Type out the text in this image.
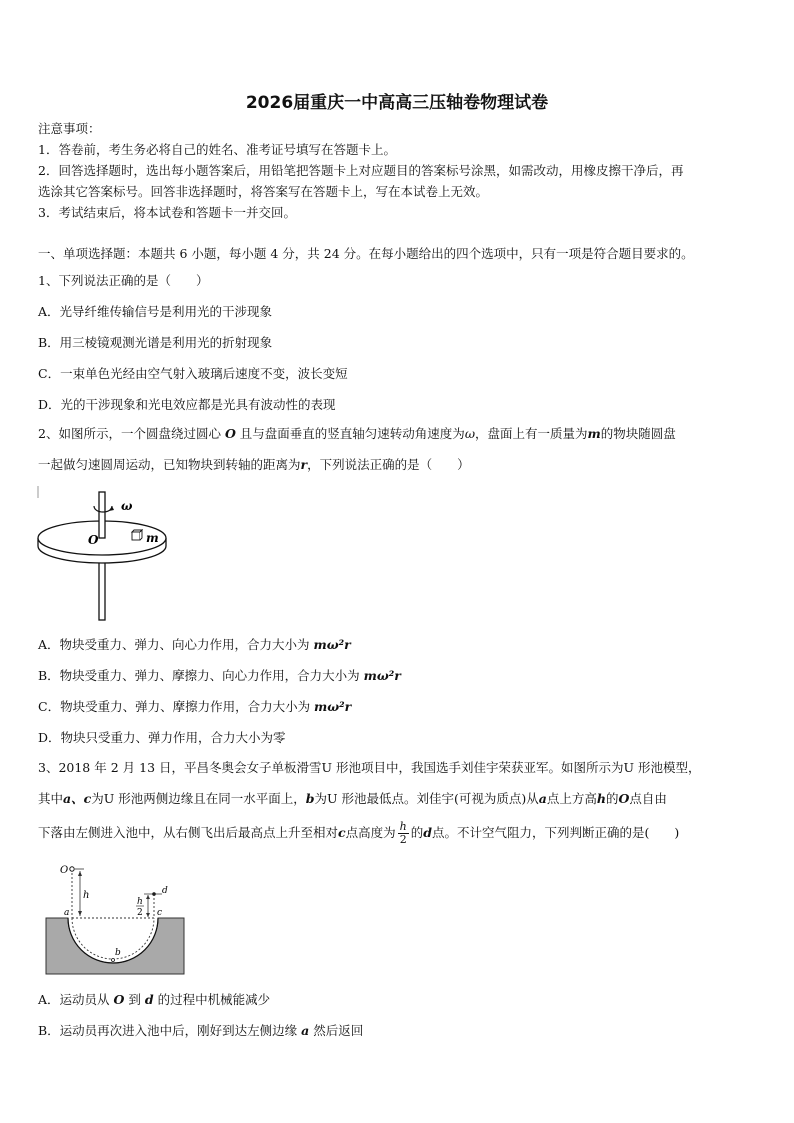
2026届重庆一中高高三压轴卷物理试卷
注意事项：
1．答卷前，考生务必将自己的姓名、准考证号填写在答题卡上。
2．回答选择题时，选出每小题答案后，用铅笔把答题卡上对应题目的答案标号涂黑，如需改动，用橡皮擦干净后，再
选涂其它答案标号。回答非选择题时，将答案写在答题卡上，写在本试卷上无效。
3．考试结束后，将本试卷和答题卡一并交回。
一、单项选择题：本题共 6 小题，每小题 4 分，共 24 分。在每小题给出的四个选项中，只有一项是符合题目要求的。
1、下列说法正确的是（　　）
A．光导纤维传输信号是利用光的干涉现象
B．用三棱镜观测光谱是利用光的折射现象
C．一束单色光经由空气射入玻璃后速度不变，波长变短
D．光的干涉现象和光电效应都是光具有波动性的表现
2、如图所示，一个圆盘绕过圆心 O 且与盘面垂直的竖直轴匀速转动角速度为ω，盘面上有一质量为m的物块随圆盘
一起做匀速圆周运动，已知物块到转轴的距离为r，下列说法正确的是（　　）
ω
O	m
A．物块受重力、弹力、向心力作用，合力大小为 mω²r
B．物块受重力、弹力、摩擦力、向心力作用，合力大小为 mω²r
C．物块受重力、弹力、摩擦力作用，合力大小为 mω²r
D．物块只受重力、弹力作用，合力大小为零
3、2018 年 2 月 13 日，平昌冬奥会女子单板滑雪U 形池项目中，我国选手刘佳宇荣获亚军。如图所示为U 形池模型，
其中a、c为U 形池两侧边缘且在同一水平面上，b为U 形池最低点。刘佳宇(可视为质点)从a点上方高h的O点自由
下落由左侧进入池中，从右侧飞出后最高点上升至相对c点高度为 $\frac{h}{2}$ 的d点。不计空气阻力，下列判断正确的是(　　)
O
h
a
d
h
2 c
b
A．运动员从 O 到 d 的过程中机械能减少
B．运动员再次进入池中后，刚好到达左侧边缘 a 然后返回
